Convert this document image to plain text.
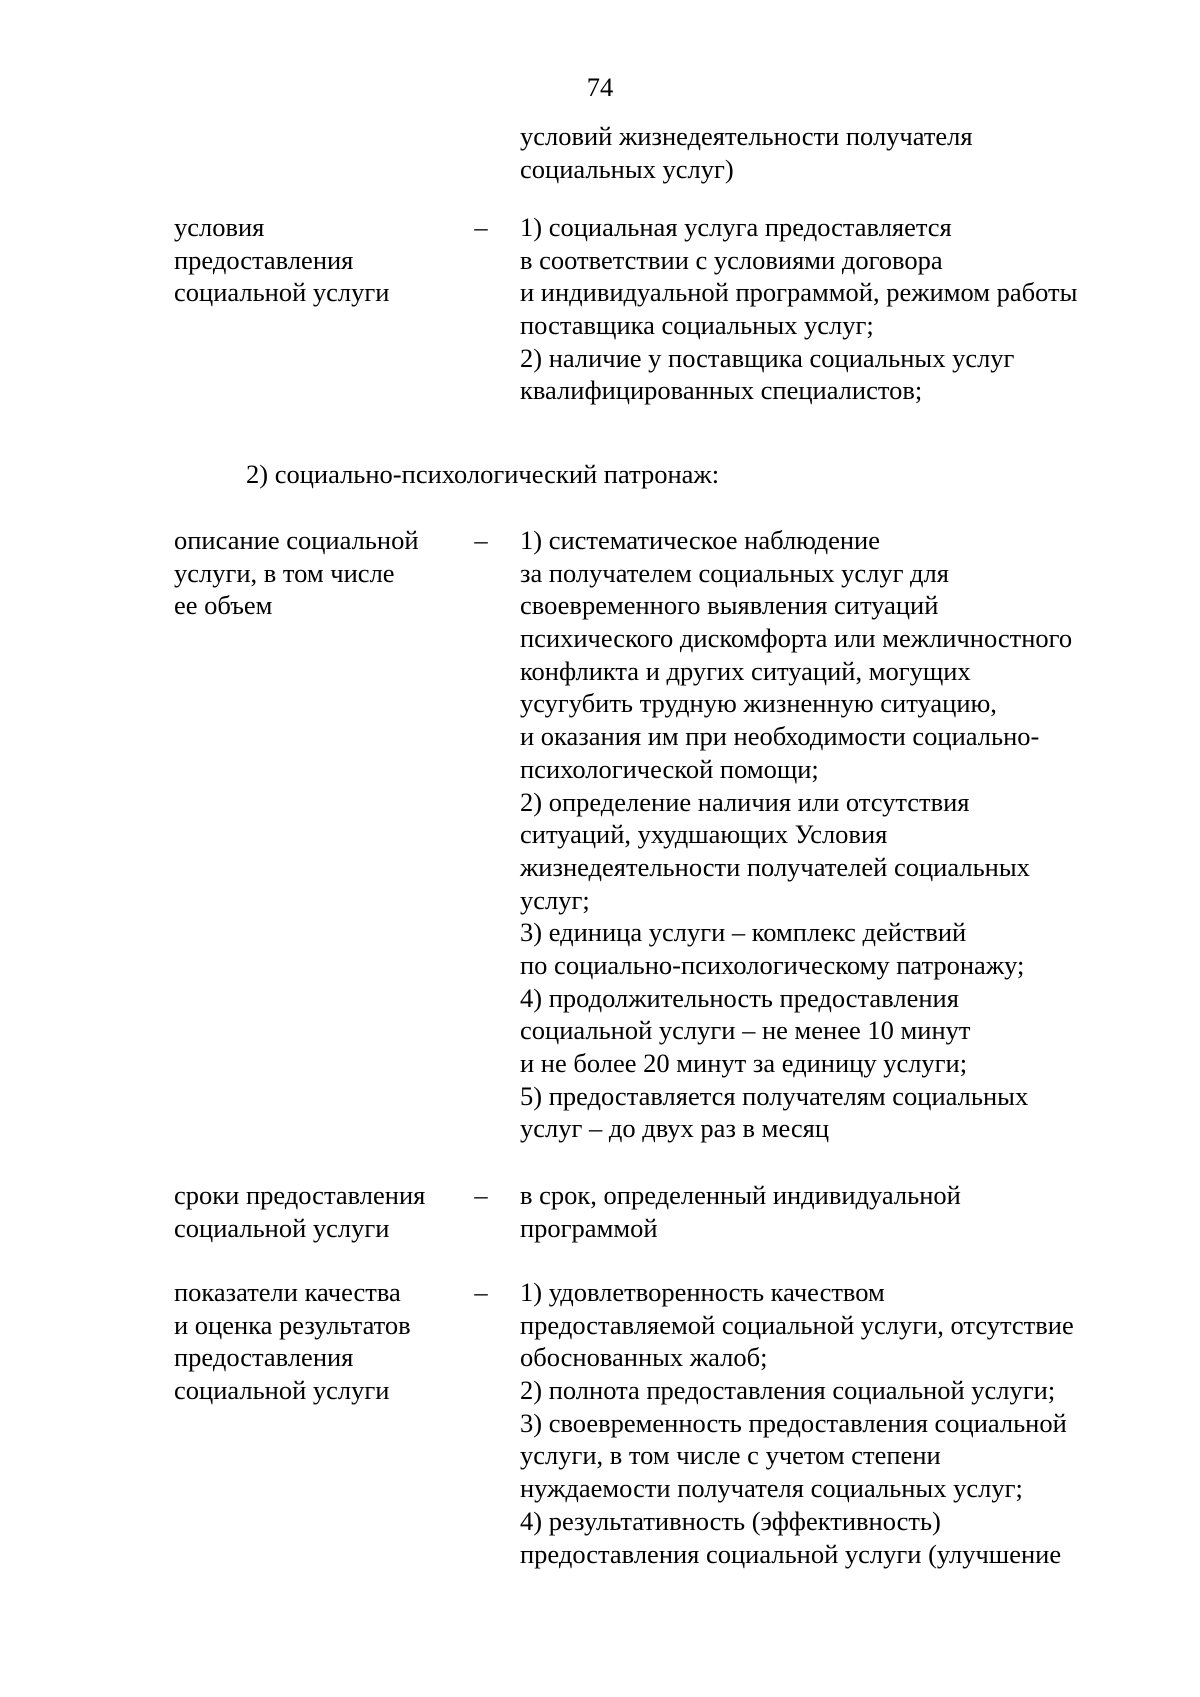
74
условий жизнедеятельности получателя
социальных услуг)
условия
предоставления
социальной услуги
– 1) социальная услуга предоставляется
в соответствии с условиями договора
и индивидуальной программой, режимом работы
поставщика социальных услуг;
2) наличие у поставщика социальных услуг
квалифицированных специалистов;
2) социально-психологический патронаж:
описание социальной
услуги, в том числе
ее объем
– 1) систематическое наблюдение
за получателем социальных услуг для
своевременного выявления ситуаций
психического дискомфорта или межличностного
конфликта и других ситуаций, могущих
усугубить трудную жизненную ситуацию,
и оказания им при необходимости социально-
психологической помощи;
2) определение наличия или отсутствия
ситуаций, ухудшающих Условия
жизнедеятельности получателей социальных
услуг;
3) единица услуги – комплекс действий
по социально-психологическому патронажу;
4) продолжительность предоставления
социальной услуги – не менее 10 минут
и не более 20 минут за единицу услуги;
5) предоставляется получателям социальных
услуг – до двух раз в месяц
сроки предоставления
социальной услуги
– в срок, определенный индивидуальной
программой
показатели качества
и оценка результатов
предоставления
социальной услуги
– 1) удовлетворенность качеством
предоставляемой социальной услуги, отсутствие
обоснованных жалоб;
2) полнота предоставления социальной услуги;
3) своевременность предоставления социальной
услуги, в том числе с учетом степени
нуждаемости получателя социальных услуг;
4) результативность (эффективность)
предоставления социальной услуги (улучшение
